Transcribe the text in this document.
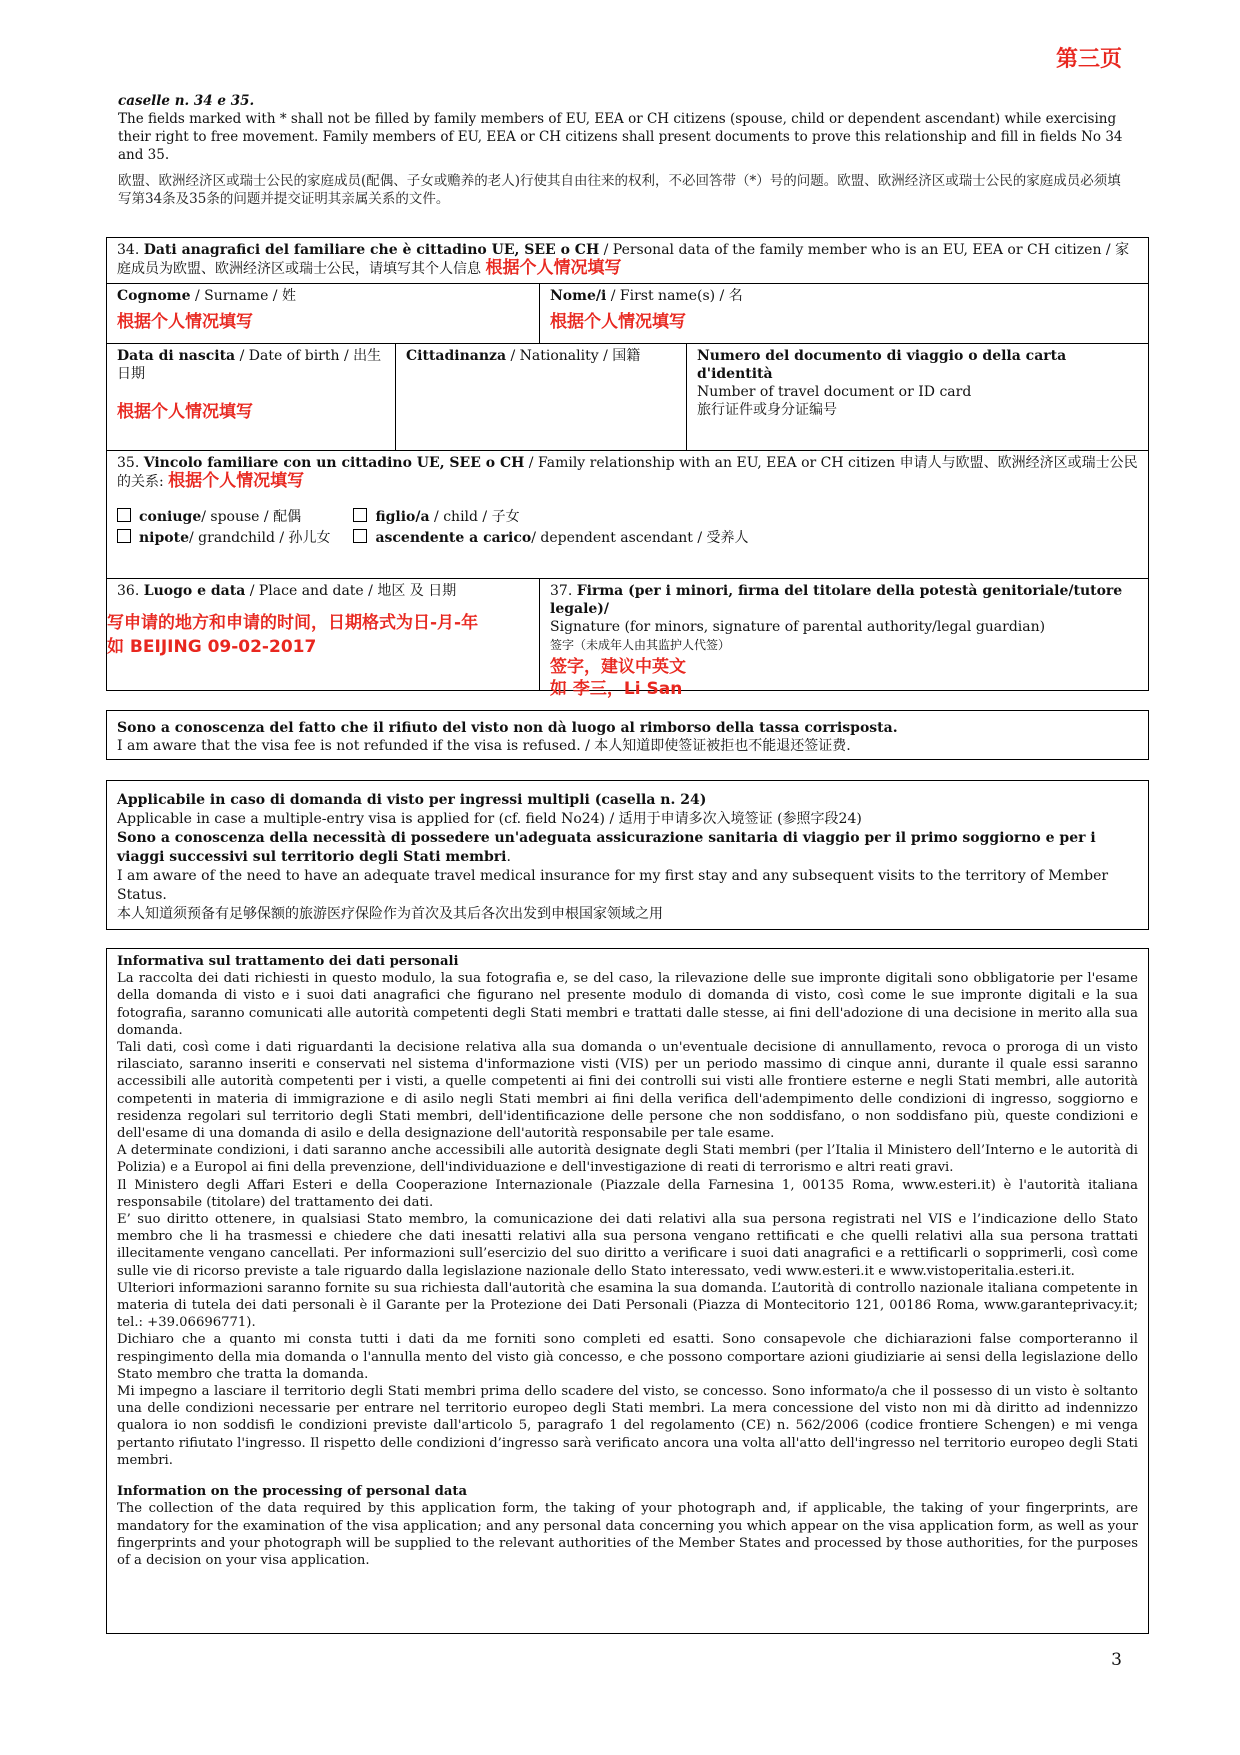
第三页

caselle n. 34 e 35.

The fields marked with * shall not be filled by family members of EU, EEA or CH citizens (spouse, child or dependent ascendant) while exercising their right to free movement. Family members of EU, EEA or CH citizens shall present documents to prove this relationship and fill in fields No 34 and 35.

欧盟、欧洲经济区或瑞士公民的家庭成员(配偶、子女或赡养的老人)行使其自由往来的权利，不必回答带（*）号的问题。欧盟、欧洲经济区或瑞士公民的家庭成员必须填写第34条及35条的问题并提交证明其亲属关系的文件。

34. Dati anagrafici del familiare che è cittadino UE, SEE o CH / Personal data of the family member who is an EU, EEA or CH citizen / 家庭成员为欧盟、欧洲经济区或瑞士公民，请填写其个人信息 根据个人情况填写
Cognome / Surname / 姓
根据个人情况填写
Nome/i / First name(s) / 名
根据个人情况填写
Data di nascita / Date of birth / 出生日期
根据个人情况填写
Cittadinanza / Nationality / 国籍	Numero del documento di viaggio o della carta d'identità
Number of travel document or ID card
旅行证件或身分证编号
35. Vincolo familiare con un cittadino UE, SEE o CH / Family relationship with an EU, EEA or CH citizen 申请人与欧盟、欧洲经济区或瑞士公民的关系: 根据个人情况填写
coniuge/ spouse / 配偶	figlio/a / child / 子女
nipote/ grandchild / 孙儿女	ascendente a carico/ dependent ascendant / 受养人
36. Luogo e data / Place and date / 地区 及 日期
写申请的地方和申请的时间，日期格式为日-月-年
如 BEIJING 09-02-2017
37. Firma (per i minori, firma del titolare della potestà genitoriale/tutore legale)/
Signature (for minors, signature of parental authority/legal guardian)
签字（未成年人由其监护人代签）
签字，建议中英文
如 李三，Li San
Sono a conoscenza del fatto che il rifiuto del visto non dà luogo al rimborso della tassa corrisposta.
I am aware that the visa fee is not refunded if the visa is refused. / 本人知道即使签证被拒也不能退还签证费.
Applicabile in caso di domanda di visto per ingressi multipli (casella n. 24)
Applicable in case a multiple-entry visa is applied for (cf. field No24) / 适用于申请多次入境签证 (参照字段24)
Sono a conoscenza della necessità di possedere un'adeguata assicurazione sanitaria di viaggio per il primo soggiorno e per i viaggi successivi sul territorio degli Stati membri.
I am aware of the need to have an adequate travel medical insurance for my first stay and any subsequent visits to the territory of Member Status.
本人知道须预备有足够保额的旅游医疗保险作为首次及其后各次出发到申根国家领域之用

Informativa sul trattamento dei dati personali

La raccolta dei dati richiesti in questo modulo, la sua fotografia e, se del caso, la rilevazione delle sue impronte digitali sono obbligatorie per l'esame della domanda di visto e i suoi dati anagrafici che figurano nel presente modulo di domanda di visto, così come le sue impronte digitali e la sua fotografia, saranno comunicati alle autorità competenti degli Stati membri e trattati dalle stesse, ai fini dell'adozione di una decisione in merito alla sua domanda.

Tali dati, così come i dati riguardanti la decisione relativa alla sua domanda o un'eventuale decisione di annullamento, revoca o proroga di un visto rilasciato, saranno inseriti e conservati nel sistema d'informazione visti (VIS) per un periodo massimo di cinque anni, durante il quale essi saranno accessibili alle autorità competenti per i visti, a quelle competenti ai fini dei controlli sui visti alle frontiere esterne e negli Stati membri, alle autorità competenti in materia di immigrazione e di asilo negli Stati membri ai fini della verifica dell'adempimento delle condizioni di ingresso, soggiorno e residenza regolari sul territorio degli Stati membri, dell'identificazione delle persone che non soddisfano, o non soddisfano più, queste condizioni e dell'esame di una domanda di asilo e della designazione dell'autorità responsabile per tale esame.

A determinate condizioni, i dati saranno anche accessibili alle autorità designate degli Stati membri (per l’Italia il Ministero dell’Interno e le autorità di Polizia) e a Europol ai fini della prevenzione, dell'individuazione e dell'investigazione di reati di terrorismo e altri reati gravi.

Il Ministero degli Affari Esteri e della Cooperazione Internazionale (Piazzale della Farnesina 1, 00135 Roma, www.esteri.it) è l'autorità italiana responsabile (titolare) del trattamento dei dati.

E’ suo diritto ottenere, in qualsiasi Stato membro, la comunicazione dei dati relativi alla sua persona registrati nel VIS e l’indicazione dello Stato membro che li ha trasmessi e chiedere che dati inesatti relativi alla sua persona vengano rettificati e che quelli relativi alla sua persona trattati illecitamente vengano cancellati. Per informazioni sull’esercizio del suo diritto a verificare i suoi dati anagrafici e a rettificarli o sopprimerli, così come sulle vie di ricorso previste a tale riguardo dalla legislazione nazionale dello Stato interessato, vedi www.esteri.it e www.vistoperitalia.esteri.it.

Ulteriori informazioni saranno fornite su sua richiesta dall'autorità che esamina la sua domanda. L’autorità di controllo nazionale italiana competente in materia di tutela dei dati personali è il Garante per la Protezione dei Dati Personali (Piazza di Montecitorio 121, 00186 Roma, www.garanteprivacy.it; tel.: +39.06696771).

Dichiaro che a quanto mi consta tutti i dati da me forniti sono completi ed esatti. Sono consapevole che dichiarazioni false comporteranno il respingimento della mia domanda o l'annulla mento del visto già concesso, e che possono comportare azioni giudiziarie ai sensi della legislazione dello Stato membro che tratta la domanda.

Mi impegno a lasciare il territorio degli Stati membri prima dello scadere del visto, se concesso. Sono informato/a che il possesso di un visto è soltanto una delle condizioni necessarie per entrare nel territorio europeo degli Stati membri. La mera concessione del visto non mi dà diritto ad indennizzo qualora io non soddisfi le condizioni previste dall'articolo 5, paragrafo 1 del regolamento (CE) n. 562/2006 (codice frontiere Schengen) e mi venga pertanto rifiutato l'ingresso. Il rispetto delle condizioni d’ingresso sarà verificato ancora una volta all'atto dell'ingresso nel territorio europeo degli Stati membri.

Information on the processing of personal data

The collection of the data required by this application form, the taking of your photograph and, if applicable, the taking of your fingerprints, are mandatory for the examination of the visa application; and any personal data concerning you which appear on the visa application form, as well as your fingerprints and your photograph will be supplied to the relevant authorities of the Member States and processed by those authorities, for the purposes of a decision on your visa application.

3
